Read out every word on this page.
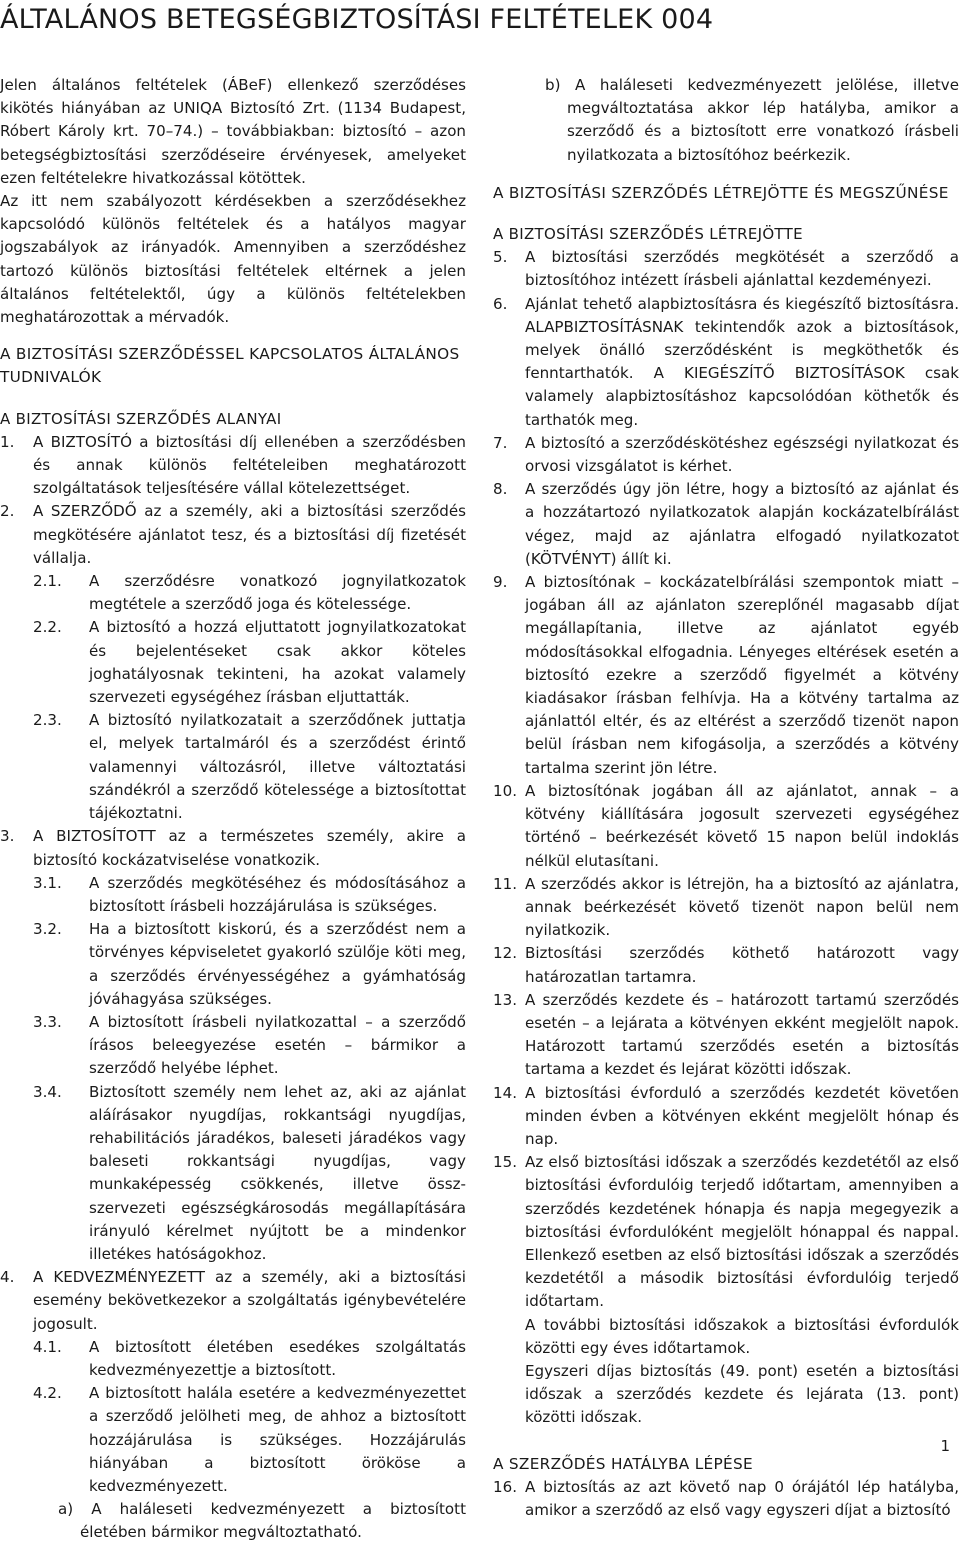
ÁLTALÁNOS BETEGSÉGBIZTOSÍTÁSI FELTÉTELEK 004

Jelen általános feltételek (ÁBeF) ellenkező szerződéses kikötés hiányában az UNIQA Biztosító Zrt. (1134 Budapest, Róbert Károly krt. 70–74.) – továbbiakban: biztosító – azon betegségbiztosítási szerződéseire érvényesek, amelyeket ezen feltételekre hivatkozással kötöttek.

Az itt nem szabályozott kérdésekben a szerződésekhez kapcsolódó különös feltételek és a hatályos magyar jogszabályok az irányadók. Amennyiben a szerződéshez tartozó különös biztosítási feltételek eltérnek a jelen általános feltételektől, úgy a különös feltételekben meghatározottak a mérvadók.

A BIZTOSÍTÁSI SZERZŐDÉSSEL KAPCSOLATOS ÁLTALÁNOS TUDNIVALÓK
A BIZTOSÍTÁSI SZERZŐDÉS ALANYAI
1.	A BIZTOSÍTÓ a biztosítási díj ellenében a szerződésben és annak különös feltételeiben meghatározott szolgáltatások teljesítésére vállal kötelezettséget.
2.	A SZERZŐDŐ az a személy, aki a biztosítási szerződés megkötésére ajánlatot tesz, és a biztosítási díj fizetését vállalja.
2.1.	A szerződésre vonatkozó jognyilatkozatok megtétele a szerződő joga és kötelessége.
2.2.	A biztosító a hozzá eljuttatott jognyilatkozatokat és bejelentéseket csak akkor köteles joghatályosnak tekinteni, ha azokat valamely szervezeti egységéhez írásban eljuttatták.
2.3.	A biztosító nyilatkozatait a szerződőnek juttatja el, melyek tartalmáról és a szerződést érintő valamennyi változásról, illetve változtatási szándékról a szerződő kötelessége a biztosítottat tájékoztatni.
3.	A BIZTOSÍTOTT az a természetes személy, akire a biztosító kockázatviselése vonatkozik.
3.1.	A szerződés megkötéséhez és módosításához a biztosított írásbeli hozzájárulása is szükséges.
3.2.	Ha a biztosított kiskorú, és a szerződést nem a törvényes képviseletet gyakorló szülője köti meg, a szerződés érvényességéhez a gyámhatóság jóváhagyása szükséges.
3.3.	A biztosított írásbeli nyilatkozattal – a szerződő írásos beleegyezése esetén – bármikor a szerződő helyébe léphet.
3.4.	Biztosított személy nem lehet az, aki az ajánlat aláírásakor nyugdíjas, rokkantsági nyugdíjas, rehabilitációs járadékos, baleseti járadékos vagy baleseti rokkantsági nyugdíjas, vagy munkaképesség csökkenés, illetve össz-szervezeti egészségkárosodás megállapítására irányuló kérelmet nyújtott be a mindenkor illetékes hatóságokhoz.
4.	A KEDVEZMÉNYEZETT az a személy, aki a biztosítási esemény bekövetkezekor a szolgáltatás igénybevételére jogosult.
4.1.	A biztosított életében esedékes szolgáltatás kedvezményezettje a biztosított.
4.2.	A biztosított halála esetére a kedvezményezettet a szerződő jelölheti meg, de ahhoz a biztosított hozzájárulása is szükséges. Hozzájárulás hiányában a biztosított örököse a kedvezményezett.

a) A haláleseti kedvezményezett a biztosított életében bármikor megváltoztatható.

b) A haláleseti kedvezményezett jelölése, illetve megváltoztatása akkor lép hatályba, amikor a szerződő és a biztosított erre vonatkozó írásbeli nyilatkozata a biztosítóhoz beérkezik.

A BIZTOSÍTÁSI SZERZŐDÉS LÉTREJÖTTE ÉS MEGSZŰNÉSE
A BIZTOSÍTÁSI SZERZŐDÉS LÉTREJÖTTE
5.	A biztosítási szerződés megkötését a szerződő a biztosítóhoz intézett írásbeli ajánlattal kezdeményezi.
6.	Ajánlat tehető alapbiztosításra és kiegészítő biztosításra. ALAPBIZTOSÍTÁSNAK tekintendők azok a biztosítások, melyek önálló szerződésként is megköthetők és fenntarthatók. A KIEGÉSZÍTŐ BIZTOSÍTÁSOK csak valamely alapbiztosításhoz kapcsolódóan köthetők és tarthatók meg.
7.	A biztosító a szerződéskötéshez egészségi nyilatkozat és orvosi vizsgálatot is kérhet.
8.	A szerződés úgy jön létre, hogy a biztosító az ajánlat és a hozzátartozó nyilatkozatok alapján kockázatelbírálást végez, majd az ajánlatra elfogadó nyilatkozatot (KÖTVÉNYT) állít ki.
9.	A biztosítónak – kockázatelbírálási szempontok miatt – jogában áll az ajánlaton szereplőnél magasabb díjat megállapítania, illetve az ajánlatot egyéb módosításokkal elfogadnia. Lényeges eltérések esetén a biztosító ezekre a szerződő figyelmét a kötvény kiadásakor írásban felhívja. Ha a kötvény tartalma az ajánlattól eltér, és az eltérést a szerződő tizenöt napon belül írásban nem kifogásolja, a szerződés a kötvény tartalma szerint jön létre.
10. A biztosítónak jogában áll az ajánlatot, annak – a kötvény kiállítására jogosult szervezeti egységéhez történő – beérkezését követő 15 napon belül indoklás nélkül elutasítani.
11. A szerződés akkor is létrejön, ha a biztosító az ajánlatra, annak beérkezését követő tizenöt napon belül nem nyilatkozik.
12. Biztosítási szerződés köthető határozott vagy határozatlan tartamra.
13. A szerződés kezdete és – határozott tartamú szerződés esetén – a lejárata a kötvényen ekként megjelölt napok. Határozott tartamú szerződés esetén a biztosítás tartama a kezdet és lejárat közötti időszak.
14. A biztosítási évforduló a szerződés kezdetét követően minden évben a kötvényen ekként megjelölt hónap és nap.
15. Az első biztosítási időszak a szerződés kezdetétől az első biztosítási évfordulóig terjedő időtartam, amennyiben a szerződés kezdetének hónapja és napja megegyezik a biztosítási évfordulóként megjelölt hónappal és nappal. Ellenkező esetben az első biztosítási időszak a szerződés kezdetétől a második biztosítási évfordulóig terjedő időtartam.

A további biztosítási időszakok a biztosítási évfordulók közötti egy éves időtartamok.

Egyszeri díjas biztosítás (49. pont) esetén a biztosítási időszak a szerződés kezdete és lejárata (13. pont) közötti időszak.

A SZERZŐDÉS HATÁLYBA LÉPÉSE
16. A biztosítás az azt követő nap 0 órájától lép hatályba, amikor a szerződő az első vagy egyszeri díjat a biztosító
1
